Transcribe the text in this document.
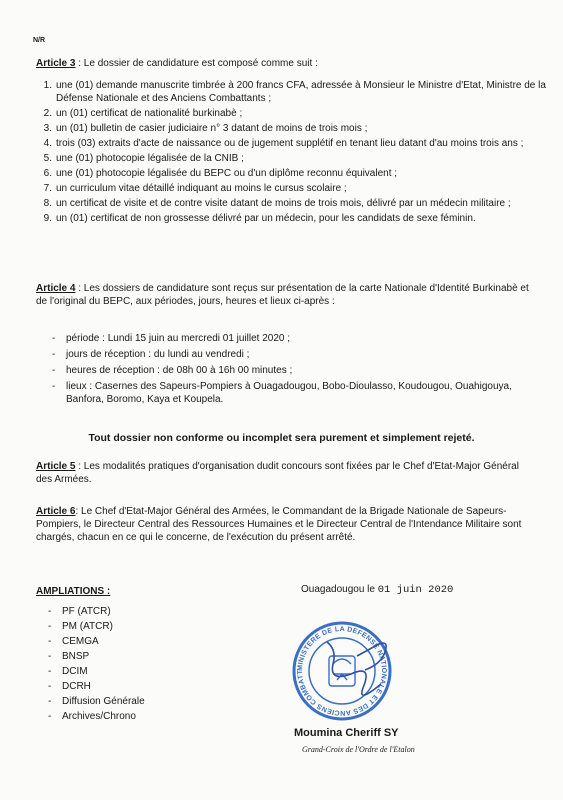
N/R
Article 3 : Le dossier de candidature est composé comme suit :
1. une (01) demande manuscrite timbrée à 200 francs CFA, adressée à Monsieur le Ministre d'Etat, Ministre de la Défense Nationale et des Anciens Combattants ;
2. un (01) certificat de nationalité burkinabè ;
3. un (01) bulletin de casier judiciaire n° 3 datant de moins de trois mois ;
4. trois (03) extraits d'acte de naissance ou de jugement supplétif en tenant lieu datant d'au moins trois ans ;
5. une (01) photocopie légalisée de la CNIB ;
6. une (01) photocopie légalisée du BEPC ou d'un diplôme reconnu équivalent ;
7. un curriculum vitae détaillé indiquant au moins le cursus scolaire ;
8. un certificat de visite et de contre visite datant de moins de trois mois, délivré par un médecin militaire ;
9. un (01) certificat de non grossesse délivré par un médecin, pour les candidats de sexe féminin.
Article 4 : Les dossiers de candidature sont reçus sur présentation de la carte Nationale d'Identité Burkinabè et de l'original du BEPC, aux périodes, jours, heures et lieux ci-après :
- période : Lundi 15 juin au mercredi 01 juillet 2020 ;
- jours de réception : du lundi au vendredi ;
- heures de réception : de 08h 00 à 16h 00 minutes ;
- lieux : Casernes des Sapeurs-Pompiers à Ouagadougou, Bobo-Dioulasso, Koudougou, Ouahigouya, Banfora, Boromo, Kaya et Koupela.
Tout dossier non conforme ou incomplet sera purement et simplement rejeté.
Article 5 : Les modalités pratiques d'organisation dudit concours sont fixées par le Chef d'Etat-Major Général des Armées.
Article 6: Le Chef d'Etat-Major Général des Armées, le Commandant de la Brigade Nationale de Sapeurs-Pompiers, le Directeur Central des Ressources Humaines et le Directeur Central de l'Intendance Militaire sont chargés, chacun en ce qui le concerne, de l'exécution du présent arrêté.
AMPLIATIONS :
- PF (ATCR)
- PM (ATCR)
- CEMGA
- BNSP
- DCIM
- DCRH
- Diffusion Générale
- Archives/Chrono
Ouagadougou le 01 juin 2020
MINISTERE DE LA DEFENSE NATIONALE ET DES ANCIENS COMBATT
Moumina Cheriff SY
Grand-Croix de l'Ordre de l'Etalon
